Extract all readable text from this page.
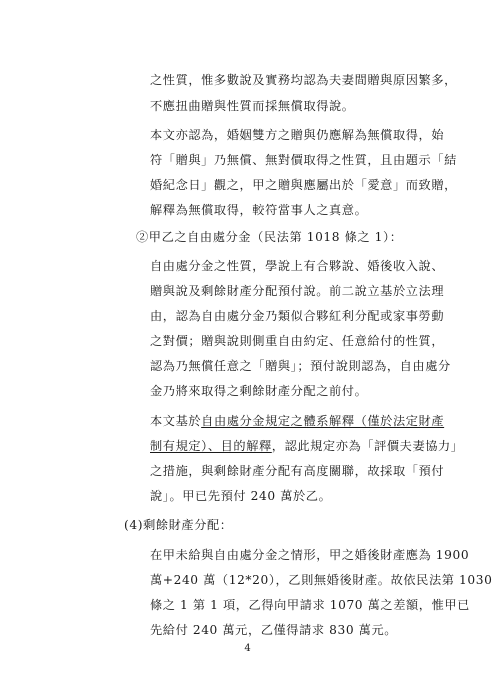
之性質，惟多數說及實務均認為夫妻間贈與原因繁多，
不應扭曲贈與性質而採無償取得說。
本文亦認為，婚姻雙方之贈與仍應解為無償取得，始
符「贈與」乃無償、無對價取得之性質，且由題示「結
婚紀念日」觀之，甲之贈與應屬出於「愛意」而致贈，
解釋為無償取得，較符當事人之真意。
②甲乙之自由處分金（民法第 1018 條之 1）：
自由處分金之性質，學說上有合夥說、婚後收入說、
贈與說及剩餘財產分配預付說。前二說立基於立法理
由，認為自由處分金乃類似合夥紅利分配或家事勞動
之對價；贈與說則側重自由約定、任意給付的性質，
認為乃無償任意之「贈與」；預付說則認為，自由處分
金乃將來取得之剩餘財產分配之前付。
本文基於自由處分金規定之體系解釋（僅於法定財產
制有規定）、目的解釋，認此規定亦為「評價夫妻協力」
之措施，與剩餘財產分配有高度關聯，故採取「預付
說」。甲已先預付 240 萬於乙。
(4)剩餘財產分配：
在甲未給與自由處分金之情形，甲之婚後財產應為 1900
萬+240 萬（12*20），乙則無婚後財產。故依民法第 1030
條之 1 第 1 項，乙得向甲請求 1070 萬之差額，惟甲已
先給付 240 萬元，乙僅得請求 830 萬元。
4
